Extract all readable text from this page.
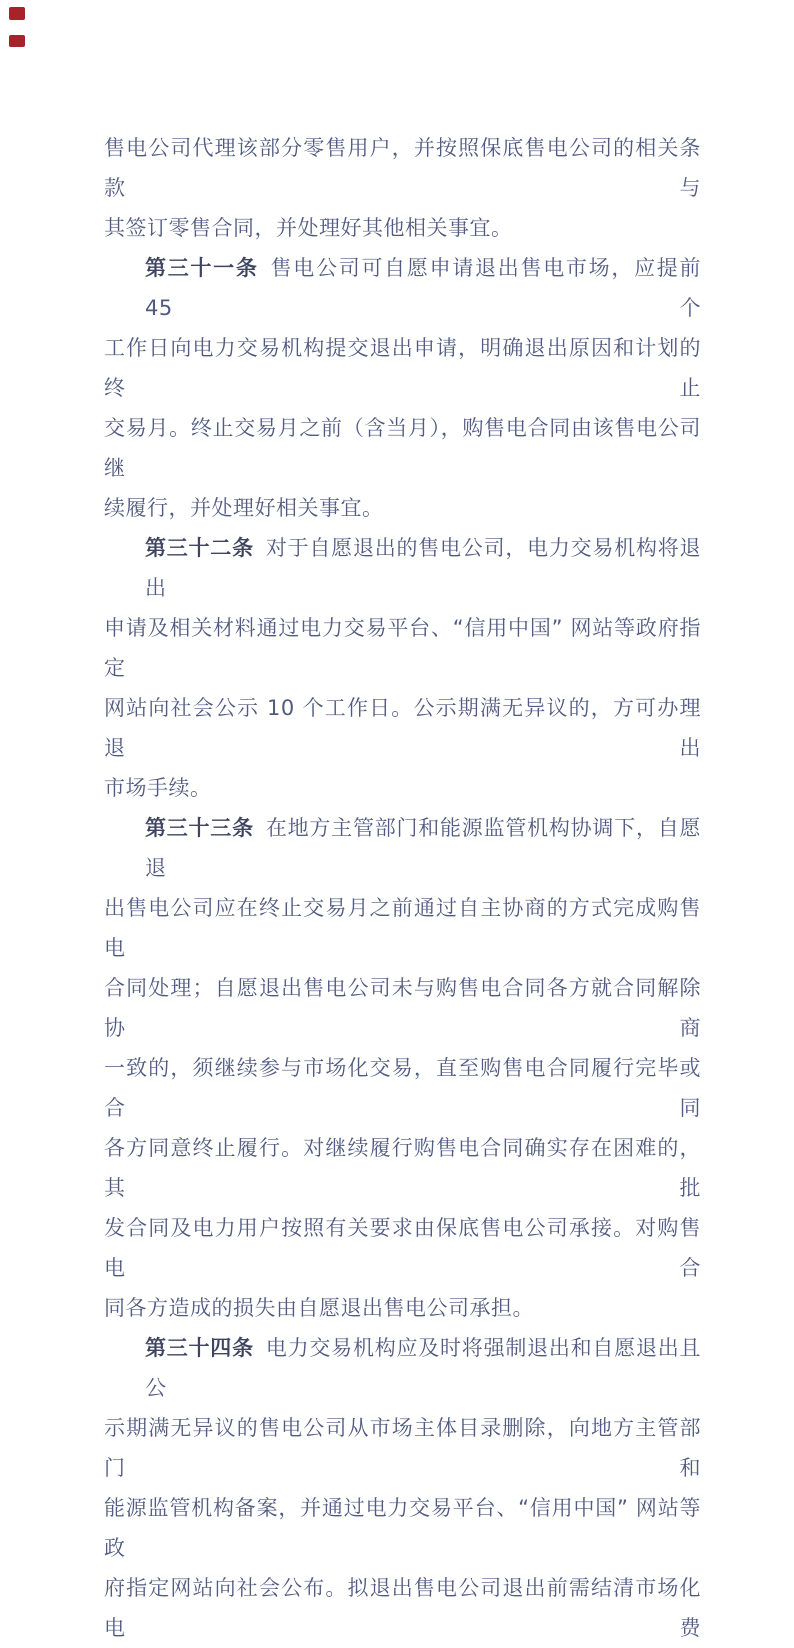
售电公司代理该部分零售用户，并按照保底售电公司的相关条款与
其签订零售合同，并处理好其他相关事宜。
第三十一条 售电公司可自愿申请退出售电市场，应提前 45 个
工作日向电力交易机构提交退出申请，明确退出原因和计划的终止
交易月。终止交易月之前（含当月），购售电合同由该售电公司继
续履行，并处理好相关事宜。
第三十二条 对于自愿退出的售电公司，电力交易机构将退出
申请及相关材料通过电力交易平台、“信用中国” 网站等政府指定
网站向社会公示 10 个工作日。公示期满无异议的，方可办理退出
市场手续。
第三十三条 在地方主管部门和能源监管机构协调下，自愿退
出售电公司应在终止交易月之前通过自主协商的方式完成购售电
合同处理；自愿退出售电公司未与购售电合同各方就合同解除协商
一致的，须继续参与市场化交易，直至购售电合同履行完毕或合同
各方同意终止履行。对继续履行购售电合同确实存在困难的，其批
发合同及电力用户按照有关要求由保底售电公司承接。对购售电合
同各方造成的损失由自愿退出售电公司承担。
第三十四条 电力交易机构应及时将强制退出和自愿退出且公
示期满无异议的售电公司从市场主体目录删除，向地方主管部门和
能源监管机构备案，并通过电力交易平台、“信用中国” 网站等政
府指定网站向社会公布。拟退出售电公司退出前需结清市场化电费
